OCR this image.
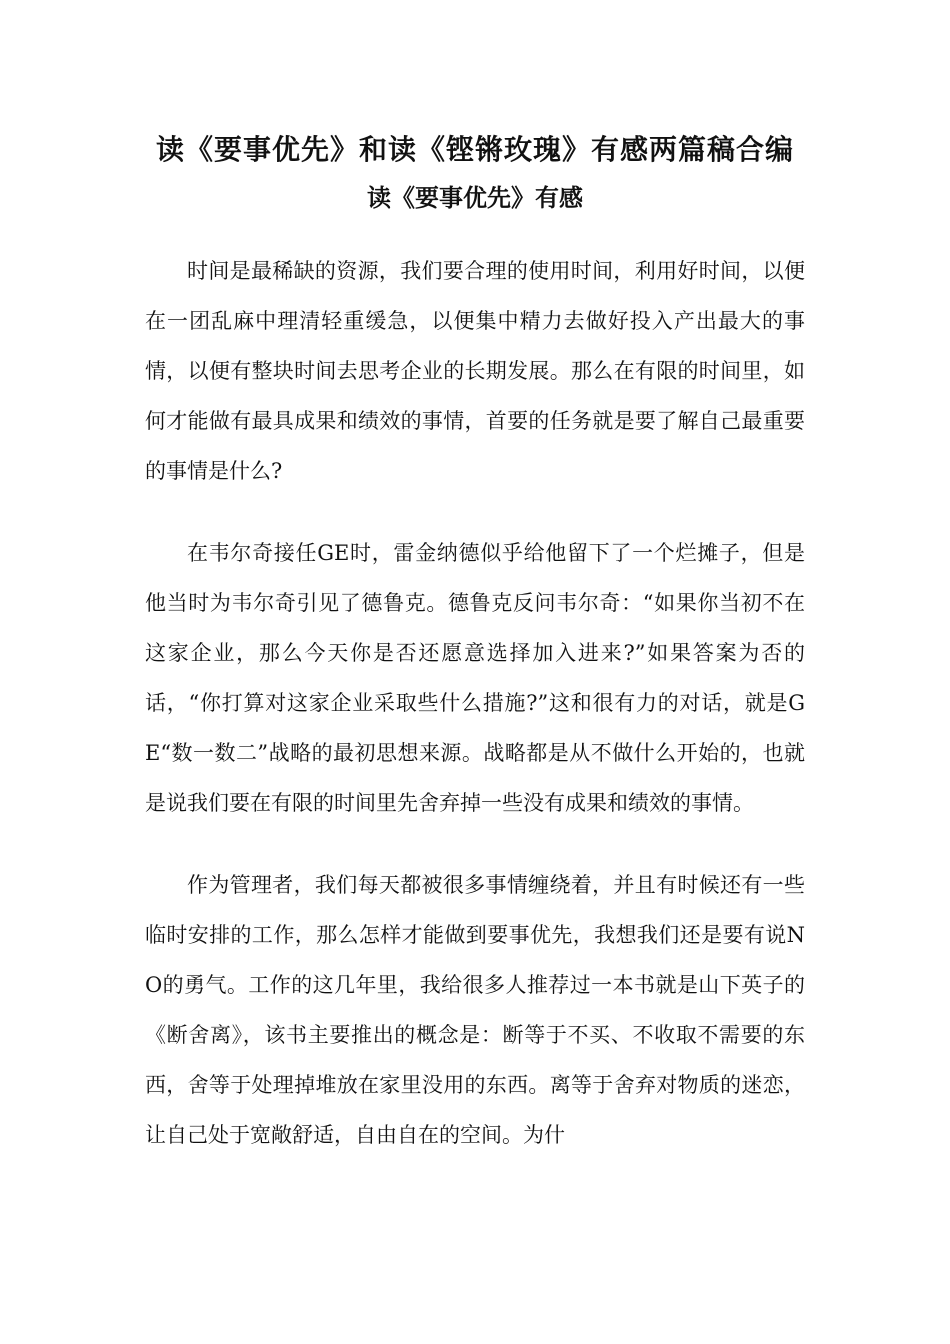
读《要事优先》和读《铿锵玫瑰》有感两篇稿合编
读《要事优先》有感

时间是最稀缺的资源，我们要合理的使用时间，利用好时间，以便在一团乱麻中理清轻重缓急，以便集中精力去做好投入产出最大的事情，以便有整块时间去思考企业的长期发展。那么在有限的时间里，如何才能做有最具成果和绩效的事情，首要的任务就是要了解自己最重要的事情是什么?

在韦尔奇接任GE时，雷金纳德似乎给他留下了一个烂摊子，但是他当时为韦尔奇引见了德鲁克。德鲁克反问韦尔奇：“如果你当初不在这家企业，那么今天你是否还愿意选择加入进来?”如果答案为否的话，“你打算对这家企业采取些什么措施?”这和很有力的对话，就是GE“数一数二”战略的最初思想来源。战略都是从不做什么开始的，也就是说我们要在有限的时间里先舍弃掉一些没有成果和绩效的事情。

作为管理者，我们每天都被很多事情缠绕着，并且有时候还有一些临时安排的工作，那么怎样才能做到要事优先，我想我们还是要有说NO的勇气。工作的这几年里，我给很多人推荐过一本书就是山下英子的《断舍离》，该书主要推出的概念是：断等于不买、不收取不需要的东西，舍等于处理掉堆放在家里没用的东西。离等于舍弃对物质的迷恋，让自己处于宽敞舒适，自由自在的空间。为什
